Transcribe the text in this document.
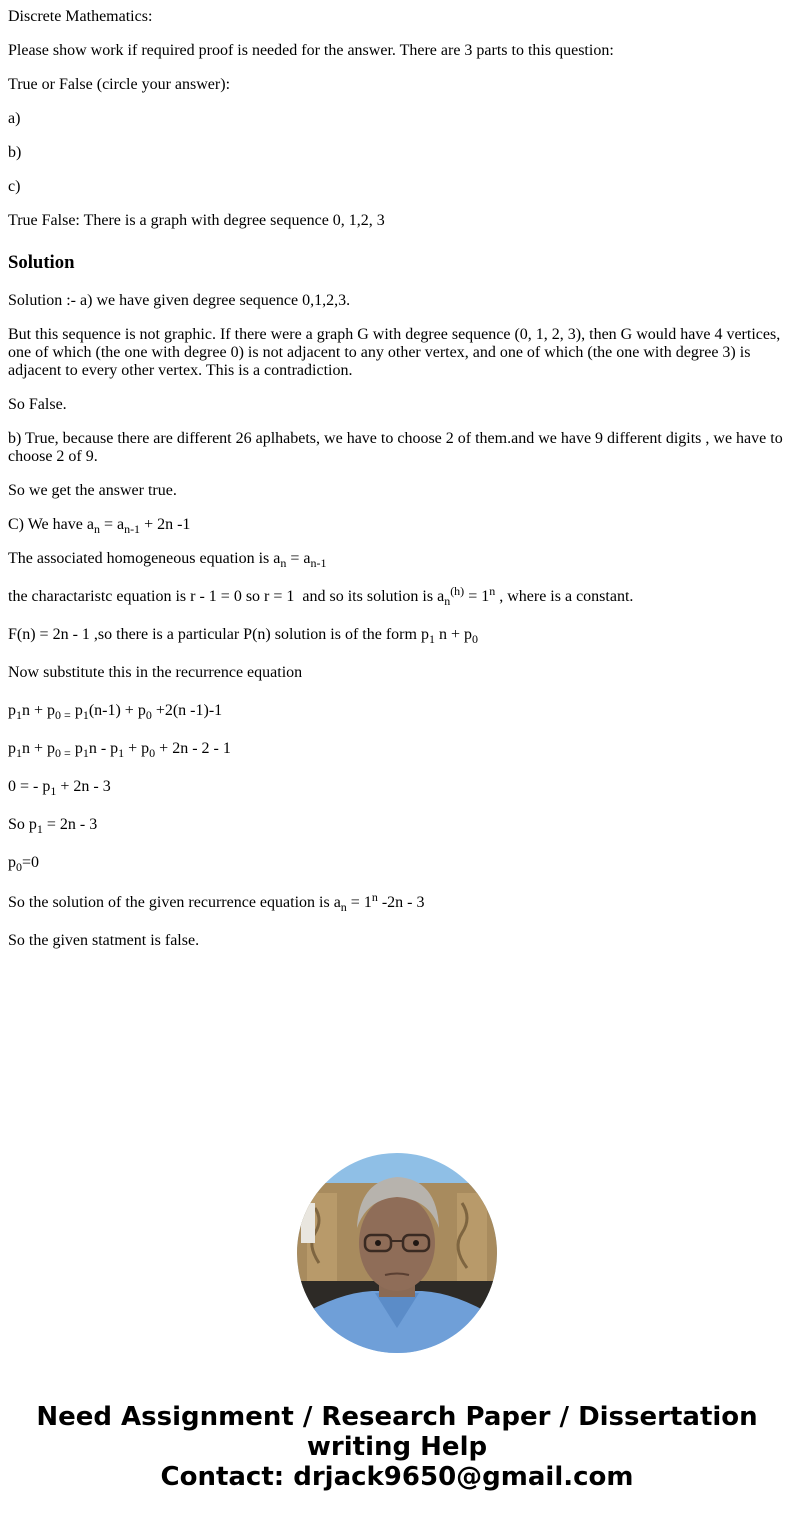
Discrete Mathematics:

Please show work if required proof is needed for the answer. There are 3 parts to this question:

True or False (circle your answer):

a)

b)

c)

True False: There is a graph with degree sequence 0, 1,2, 3

Solution

Solution :- a) we have given degree sequence 0,1,2,3.

But this sequence is not graphic. If there were a graph G with degree sequence (0, 1, 2, 3), then G would have 4 vertices, one of which (the one with degree 0) is not adjacent to any other vertex, and one of which (the one with degree 3) is adjacent to every other vertex. This is a contradiction.

So False.

b) True, because there are different 26 aplhabets, we have to choose 2 of them.and we have 9 different digits , we have to choose 2 of 9.

So we get the answer true.

C) We have $a_n = a_{n-1} + 2n$ -1

The associated homogeneous equation is $a_n = a_{n-1}$

the charactaristc equation is r - 1 = 0 so r = 1  and so its solution is $a_n^{(h)} = 1^n$ , where is a constant.

F(n) = 2n - 1 ,so there is a particular P(n) solution is of the form $p_1$ $n + p_0$

Now substitute this in the recurrence equation

$p_1n + p_{0 =}$ $p_1(n-1) + p_0 +2(n$ -1)-1

$p_1n + p_{0 =}$ $p_1n - p_1 + p_0 + 2n - 2 - 1$

0 = - $p_1 + 2n - 3$

So $p_1 = 2n - 3$

$p_0=0$

So the solution of the given recurrence equation is $a_n = 1^n$ -2n - 3

So the given statment is false.

Need Assignment / Research Paper / Dissertation
writing Help
Contact: drjack9650@gmail.com
